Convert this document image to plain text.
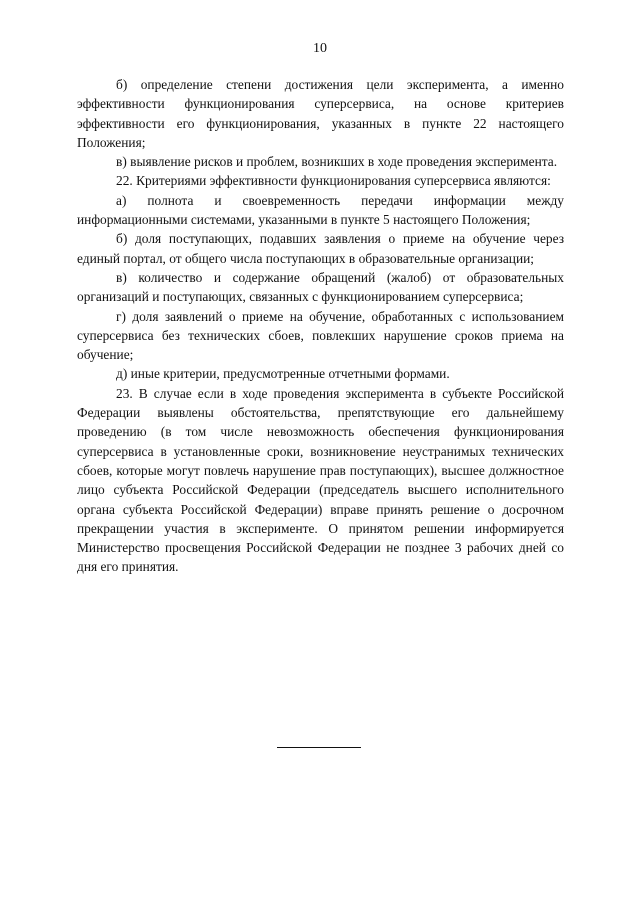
10

б) определение степени достижения цели эксперимента, а именно эффективности функционирования суперсервиса, на основе критериев эффективности его функционирования, указанных в пункте 22 настоящего Положения;

в) выявление рисков и проблем, возникших в ходе проведения эксперимента.

22. Критериями эффективности функционирования суперсервиса являются:

а) полнота и своевременность передачи информации между информационными системами, указанными в пункте 5 настоящего Положения;

б) доля поступающих, подавших заявления о приеме на обучение через единый портал, от общего числа поступающих в образовательные организации;

в) количество и содержание обращений (жалоб) от образовательных организаций и поступающих, связанных с функционированием суперсервиса;

г) доля заявлений о приеме на обучение, обработанных с использованием суперсервиса без технических сбоев, повлекших нарушение сроков приема на обучение;

д) иные критерии, предусмотренные отчетными формами.

23. В случае если в ходе проведения эксперимента в субъекте Российской Федерации выявлены обстоятельства, препятствующие его дальнейшему проведению (в том числе невозможность обеспечения функционирования суперсервиса в установленные сроки, возникновение неустранимых технических сбоев, которые могут повлечь нарушение прав поступающих), высшее должностное лицо субъекта Российской Федерации (председатель высшего исполнительного органа субъекта Российской Федерации) вправе принять решение о досрочном прекращении участия в эксперименте. О принятом решении информируется Министерство просвещения Российской Федерации не позднее 3 рабочих дней со дня его принятия.
